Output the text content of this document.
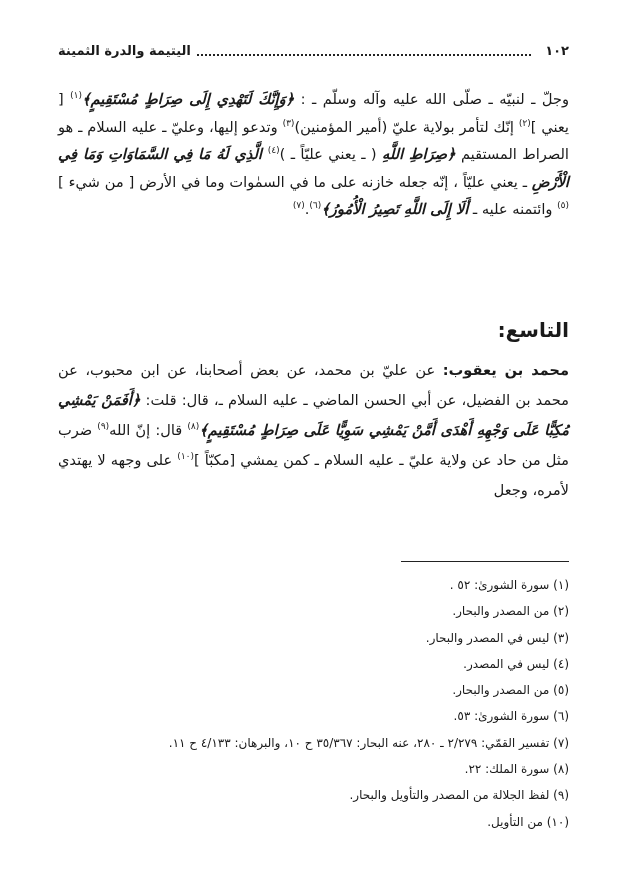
١٠٢
اليتيمة والدرة الثمينة
وجلّ ـ لنبيّه ـ صلّى الله عليه وآله وسلّم ـ : ﴿وَإِنَّكَ لَتَهْدِي إِلَى صِرَاطٍ مُسْتَقِيمٍ﴾$^{(١)}$ [ يعني ]$^{(٢)}$ إنّك لتأمر بولاية عليّ (أمير المؤمنين)$^{(٣)}$ وتدعو إليها، وعليّ ـ عليه السلام ـ هو الصراط المستقيم ﴿صِرَاطِ اللَّهِ ( ـ يعني عليّاً ـ )$^{(٤)}$ الَّذِي لَهُ مَا فِي السَّمَاوَاتِ وَمَا فِي الْأَرْضِ ـ يعني عليّاً ، إنّه جعله خازنه على ما في السمٰوات وما في الأرض [ من شيء ]$^{(٥)}$ وائتمنه عليه ـ أَلَا إِلَى اللَّهِ تَصِيرُ الْأُمُورُ﴾$^{(٦)}$.$^{(٧)}$
التاسع:
محمد بن يعقوب: عن عليّ بن محمد، عن بعض أصحابنا، عن ابن محبوب، عن محمد بن الفضيل، عن أبي الحسن الماضي ـ عليه السلام ـ، قال: قلت: ﴿أَفَمَنْ يَمْشِي مُكِبًّا عَلَى وَجْهِهِ أَهْدَى أَمَّنْ يَمْشِي سَوِيًّا عَلَى صِرَاطٍ مُسْتَقِيمٍ﴾$^{(٨)}$ قال: إنّ الله$^{(٩)}$ ضرب مثل من حاد عن ولاية عليّ ـ عليه السلام ـ كمن يمشي [مكبّاً ]$^{(١٠)}$ على وجهه لا يهتدي لأمره، وجعل
(١) سورة الشورىٰ: ٥٢ .
(٢) من المصدر والبحار.
(٣) ليس في المصدر والبحار.
(٤) ليس في المصدر.
(٥) من المصدر والبحار.
(٦) سورة الشورىٰ: ٥٣.
(٧) تفسير القمّي: ٢/٢٧٩ ـ ٢٨٠، عنه البحار: ٣٥/٣٦٧ ح ١٠، والبرهان: ٤/١٣٣ ح ١١.
(٨) سورة الملك: ٢٢.
(٩) لفظ الجلالة من المصدر والتأويل والبحار.
(١٠) من التأويل.
